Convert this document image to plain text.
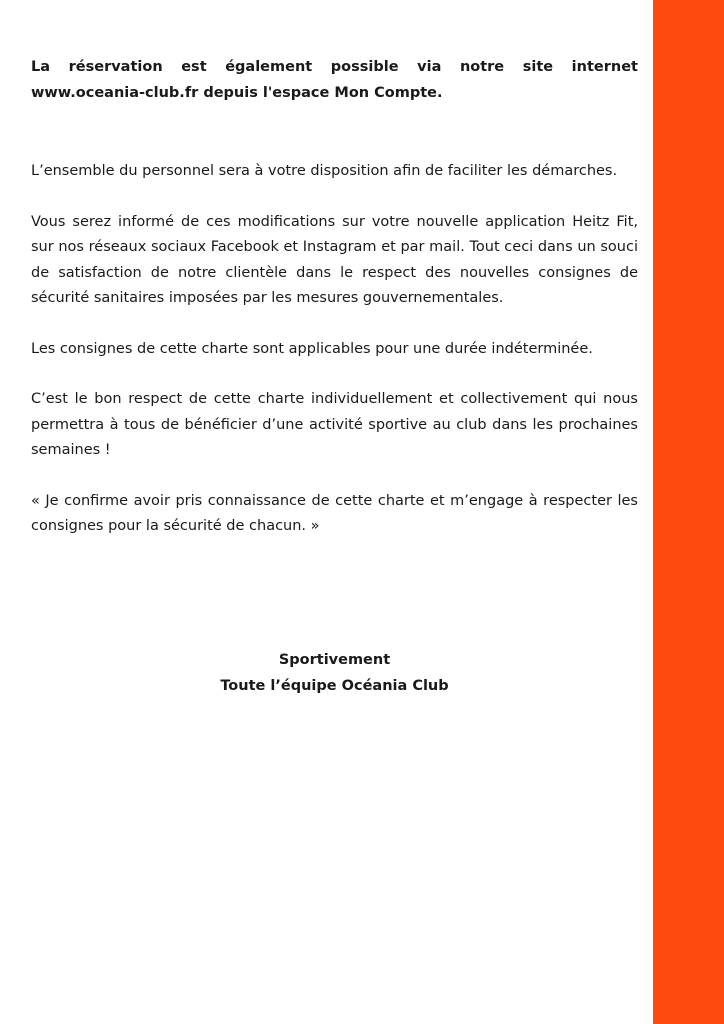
La réservation est également possible via notre site internet www.oceania-club.fr depuis l'espace Mon Compte.

L’ensemble du personnel sera à votre disposition afin de faciliter les démarches.

Vous serez informé de ces modifications sur votre nouvelle application Heitz Fit, sur nos réseaux sociaux Facebook et Instagram et par mail. Tout ceci dans un souci de satisfaction de notre clientèle dans le respect des nouvelles consignes de sécurité sanitaires imposées par les mesures gouvernementales.

Les consignes de cette charte sont applicables pour une durée indéterminée.

C’est le bon respect de cette charte individuellement et collectivement qui nous permettra à tous de bénéficier d’une activité sportive au club dans les prochaines semaines !

« Je confirme avoir pris connaissance de cette charte et m’engage à respecter les consignes pour la sécurité de chacun. »

Sportivement
Toute l’équipe Océania Club
